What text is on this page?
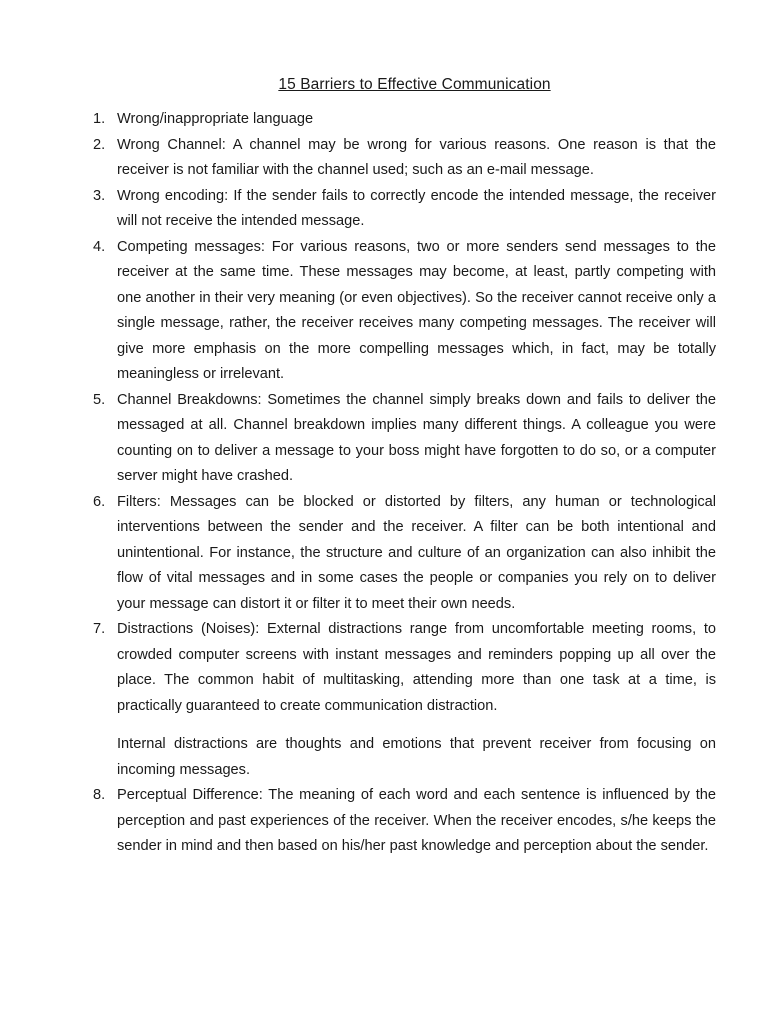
15 Barriers to Effective Communication
1. Wrong/inappropriate language
2. Wrong Channel: A channel may be wrong for various reasons. One reason is that the receiver is not familiar with the channel used; such as an e-mail message.
3. Wrong encoding: If the sender fails to correctly encode the intended message, the receiver will not receive the intended message.
4. Competing messages: For various reasons, two or more senders send messages to the receiver at the same time. These messages may become, at least, partly competing with one another in their very meaning (or even objectives). So the receiver cannot receive only a single message, rather, the receiver receives many competing messages. The receiver will give more emphasis on the more compelling messages which, in fact, may be totally meaningless or irrelevant.
5. Channel Breakdowns: Sometimes the channel simply breaks down and fails to deliver the messaged at all. Channel breakdown implies many different things. A colleague you were counting on to deliver a message to your boss might have forgotten to do so, or a computer server might have crashed.
6. Filters: Messages can be blocked or distorted by filters, any human or technological interventions between the sender and the receiver. A filter can be both intentional and unintentional. For instance, the structure and culture of an organization can also inhibit the flow of vital messages and in some cases the people or companies you rely on to deliver your message can distort it or filter it to meet their own needs.
7. Distractions (Noises): External distractions range from uncomfortable meeting rooms, to crowded computer screens with instant messages and reminders popping up all over the place. The common habit of multitasking, attending more than one task at a time, is practically guaranteed to create communication distraction.
Internal distractions are thoughts and emotions that prevent receiver from focusing on incoming messages.
8. Perceptual Difference: The meaning of each word and each sentence is influenced by the perception and past experiences of the receiver. When the receiver encodes, s/he keeps the sender in mind and then based on his/her past knowledge and perception about the sender.
